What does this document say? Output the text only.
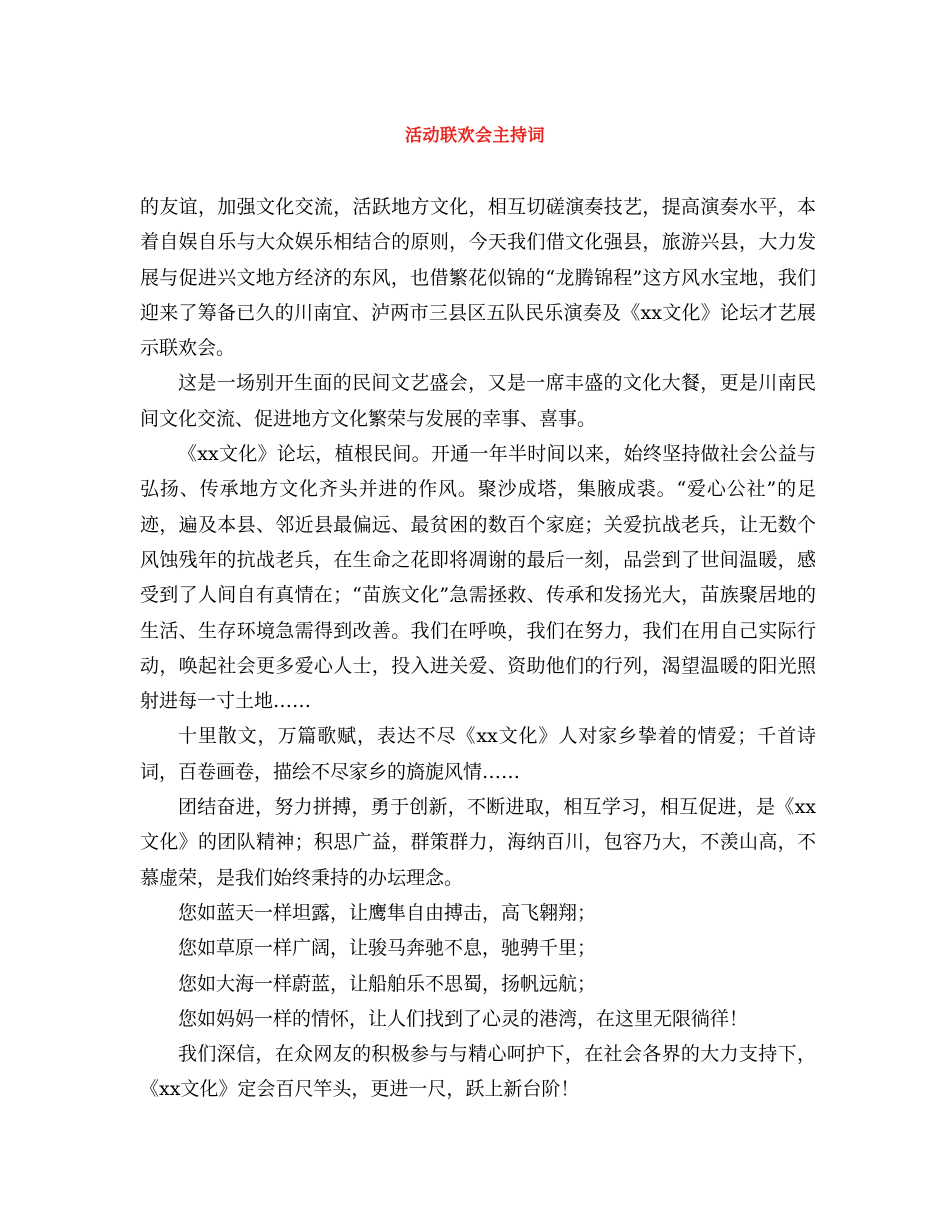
活动联欢会主持词

的友谊，加强文化交流，活跃地方文化，相互切磋演奏技艺，提高演奏水平，本着自娱自乐与大众娱乐相结合的原则，今天我们借文化强县，旅游兴县，大力发展与促进兴文地方经济的东风，也借繁花似锦的“龙腾锦程”这方风水宝地，我们迎来了筹备已久的川南宜、泸两市三县区五队民乐演奏及《xx文化》论坛才艺展示联欢会。

这是一场别开生面的民间文艺盛会，又是一席丰盛的文化大餐，更是川南民间文化交流、促进地方文化繁荣与发展的幸事、喜事。

《xx文化》论坛，植根民间。开通一年半时间以来，始终坚持做社会公益与弘扬、传承地方文化齐头并进的作风。聚沙成塔，集腋成裘。“爱心公社”的足迹，遍及本县、邻近县最偏远、最贫困的数百个家庭；关爱抗战老兵，让无数个风蚀残年的抗战老兵，在生命之花即将凋谢的最后一刻，品尝到了世间温暖，感受到了人间自有真情在；“苗族文化”急需拯救、传承和发扬光大，苗族聚居地的生活、生存环境急需得到改善。我们在呼唤，我们在努力，我们在用自己实际行动，唤起社会更多爱心人士，投入进关爱、资助他们的行列，渴望温暖的阳光照射进每一寸土地……

十里散文，万篇歌赋，表达不尽《xx文化》人对家乡挚着的情爱；千首诗词，百卷画卷，描绘不尽家乡的旖旎风情……

团结奋进，努力拼搏，勇于创新，不断进取，相互学习，相互促进，是《xx文化》的团队精神；积思广益，群策群力，海纳百川，包容乃大，不羡山高，不慕虚荣，是我们始终秉持的办坛理念。

您如蓝天一样坦露，让鹰隼自由搏击，高飞翱翔；

您如草原一样广阔，让骏马奔驰不息，驰骋千里；

您如大海一样蔚蓝，让船舶乐不思蜀，扬帆远航；

您如妈妈一样的情怀，让人们找到了心灵的港湾，在这里无限徜徉！

我们深信，在众网友的积极参与与精心呵护下，在社会各界的大力支持下，《xx文化》定会百尺竿头，更进一尺，跃上新台阶！
